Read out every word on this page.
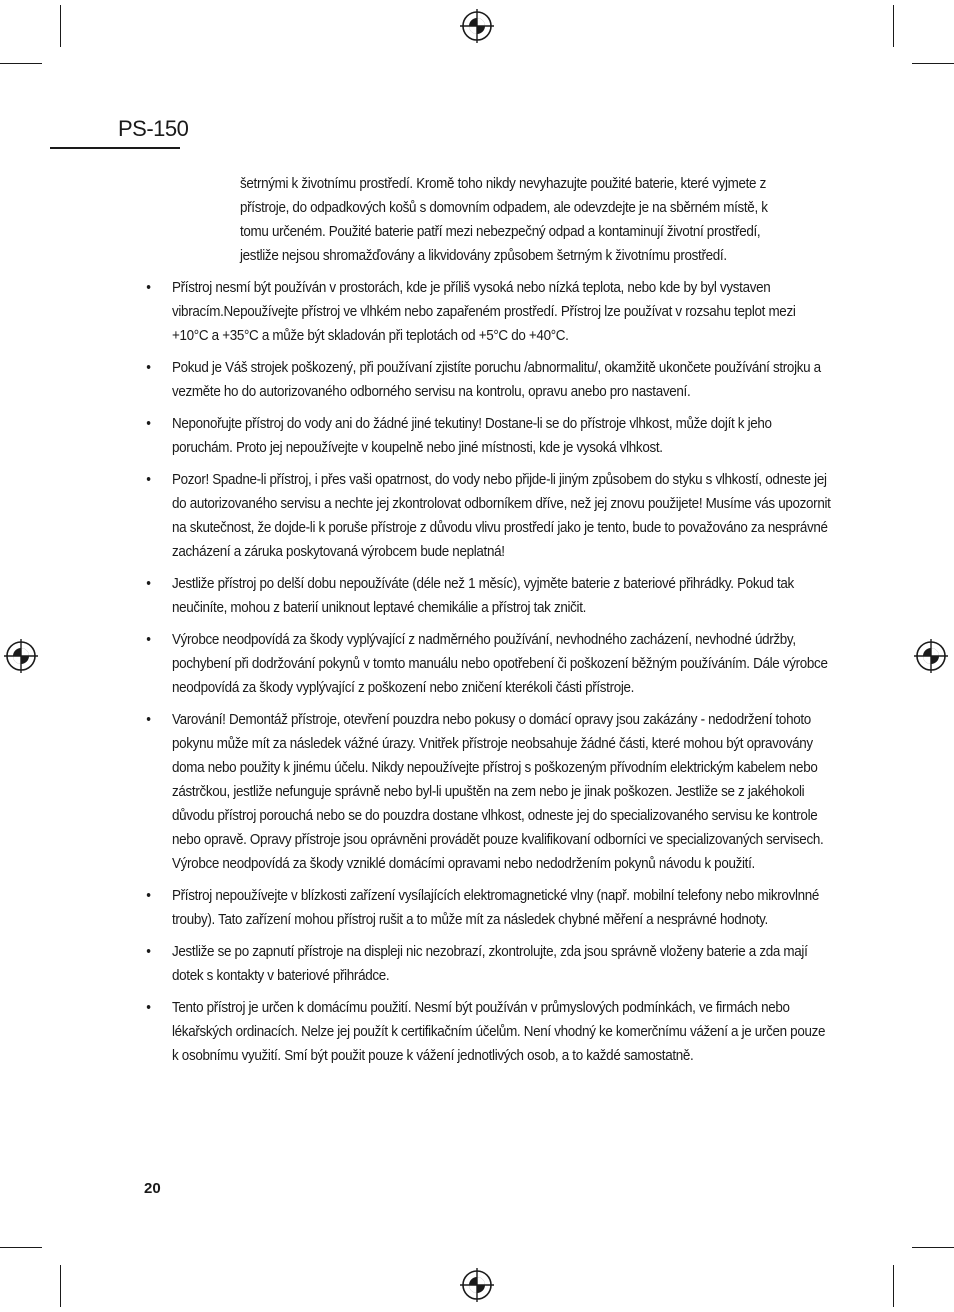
PS-150
šetrnými k životnímu prostředí. Kromě toho nikdy nevyhazujte použité baterie, které vyjmete z přístroje, do odpadkových košů s domovním odpadem, ale odevzdejte je na sběrném místě, k tomu určeném. Použité baterie patří mezi nebezpečný odpad a kontaminují životní prostředí, jestliže nejsou shromažďovány a likvidovány způsobem šetrným k životnímu prostředí.
• Přístroj nesmí být používán v prostorách, kde je příliš vysoká nebo nízká teplota, nebo kde by byl vystaven vibracím.Nepoužívejte přístroj ve vlhkém nebo zapařeném prostředí. Přístroj lze používat v rozsahu teplot mezi +10°C a +35°C a může být skladován při teplotách od +5°C do +40°C.
• Pokud je Váš strojek poškozený, při používaní zjistíte poruchu /abnormalitu/, okamžitě ukončete používání strojku a vezměte ho do autorizovaného odborného servisu na kontrolu, opravu anebo pro nastavení.
• Neponořujte přístroj do vody ani do žádné jiné tekutiny! Dostane-li se do přístroje vlhkost, může dojít k jeho poruchám. Proto jej nepoužívejte v koupelně nebo jiné místnosti, kde je vysoká vlhkost.
• Pozor! Spadne-li přístroj, i přes vaši opatrnost, do vody nebo přijde-li jiným způsobem do styku s vlhkostí, odneste jej do autorizovaného servisu a nechte jej zkontrolovat odborníkem dříve, než jej znovu použijete! Musíme vás upozornit na skutečnost, že dojde-li k poruše přístroje z důvodu vlivu prostředí jako je tento, bude to považováno za nesprávné zacházení a záruka poskytovaná výrobcem bude neplatná!
• Jestliže přístroj po delší dobu nepoužíváte (déle než 1 měsíc), vyjměte baterie z bateriové přihrádky. Pokud tak neučiníte, mohou z baterií uniknout leptavé chemikálie a přístroj tak zničit.
• Výrobce neodpovídá za škody vyplývající z nadměrného používání, nevhodného zacházení, nevhodné údržby, pochybení při dodržování pokynů v tomto manuálu nebo opotřebení či poškození běžným používáním. Dále výrobce neodpovídá za škody vyplývající z poškození nebo zničení kterékoli části přístroje.
• Varování! Demontáž přístroje, otevření pouzdra nebo pokusy o domácí opravy jsou zakázány - nedodržení tohoto pokynu může mít za následek vážné úrazy. Vnitřek přístroje neobsahuje žádné části, které mohou být opravovány doma nebo použity k jinému účelu. Nikdy nepoužívejte přístroj s poškozeným přívodním elektrickým kabelem nebo zástrčkou, jestliže nefunguje správně nebo byl-li upuštěn na zem nebo je jinak poškozen. Jestliže se z jakéhokoli důvodu přístroj porouchá nebo se do pouzdra dostane vlhkost, odneste jej do specializovaného servisu ke kontrole nebo opravě. Opravy přístroje jsou oprávněni provádět pouze kvalifikovaní odborníci ve specializovaných servisech. Výrobce neodpovídá za škody vzniklé domácími opravami nebo nedodržením pokynů návodu k použití.
• Přístroj nepoužívejte v blízkosti zařízení vysílajících elektromagnetické vlny (např. mobilní telefony nebo mikrovlnné trouby). Tato zařízení mohou přístroj rušit a to může mít za následek chybné měření a nesprávné hodnoty.
• Jestliže se po zapnutí přístroje na displeji nic nezobrazí, zkontrolujte, zda jsou správně vloženy baterie a zda mají dotek s kontakty v bateriové přihrádce.
• Tento přístroj je určen k domácímu použití. Nesmí být používán v průmyslových podmínkách, ve firmách nebo lékařských ordinacích. Nelze jej použít k certifikačním účelům. Není vhodný ke komerčnímu vážení a je určen pouze k osobnímu využití. Smí být použit pouze k vážení jednotlivých osob, a to každé samostatně.
20
